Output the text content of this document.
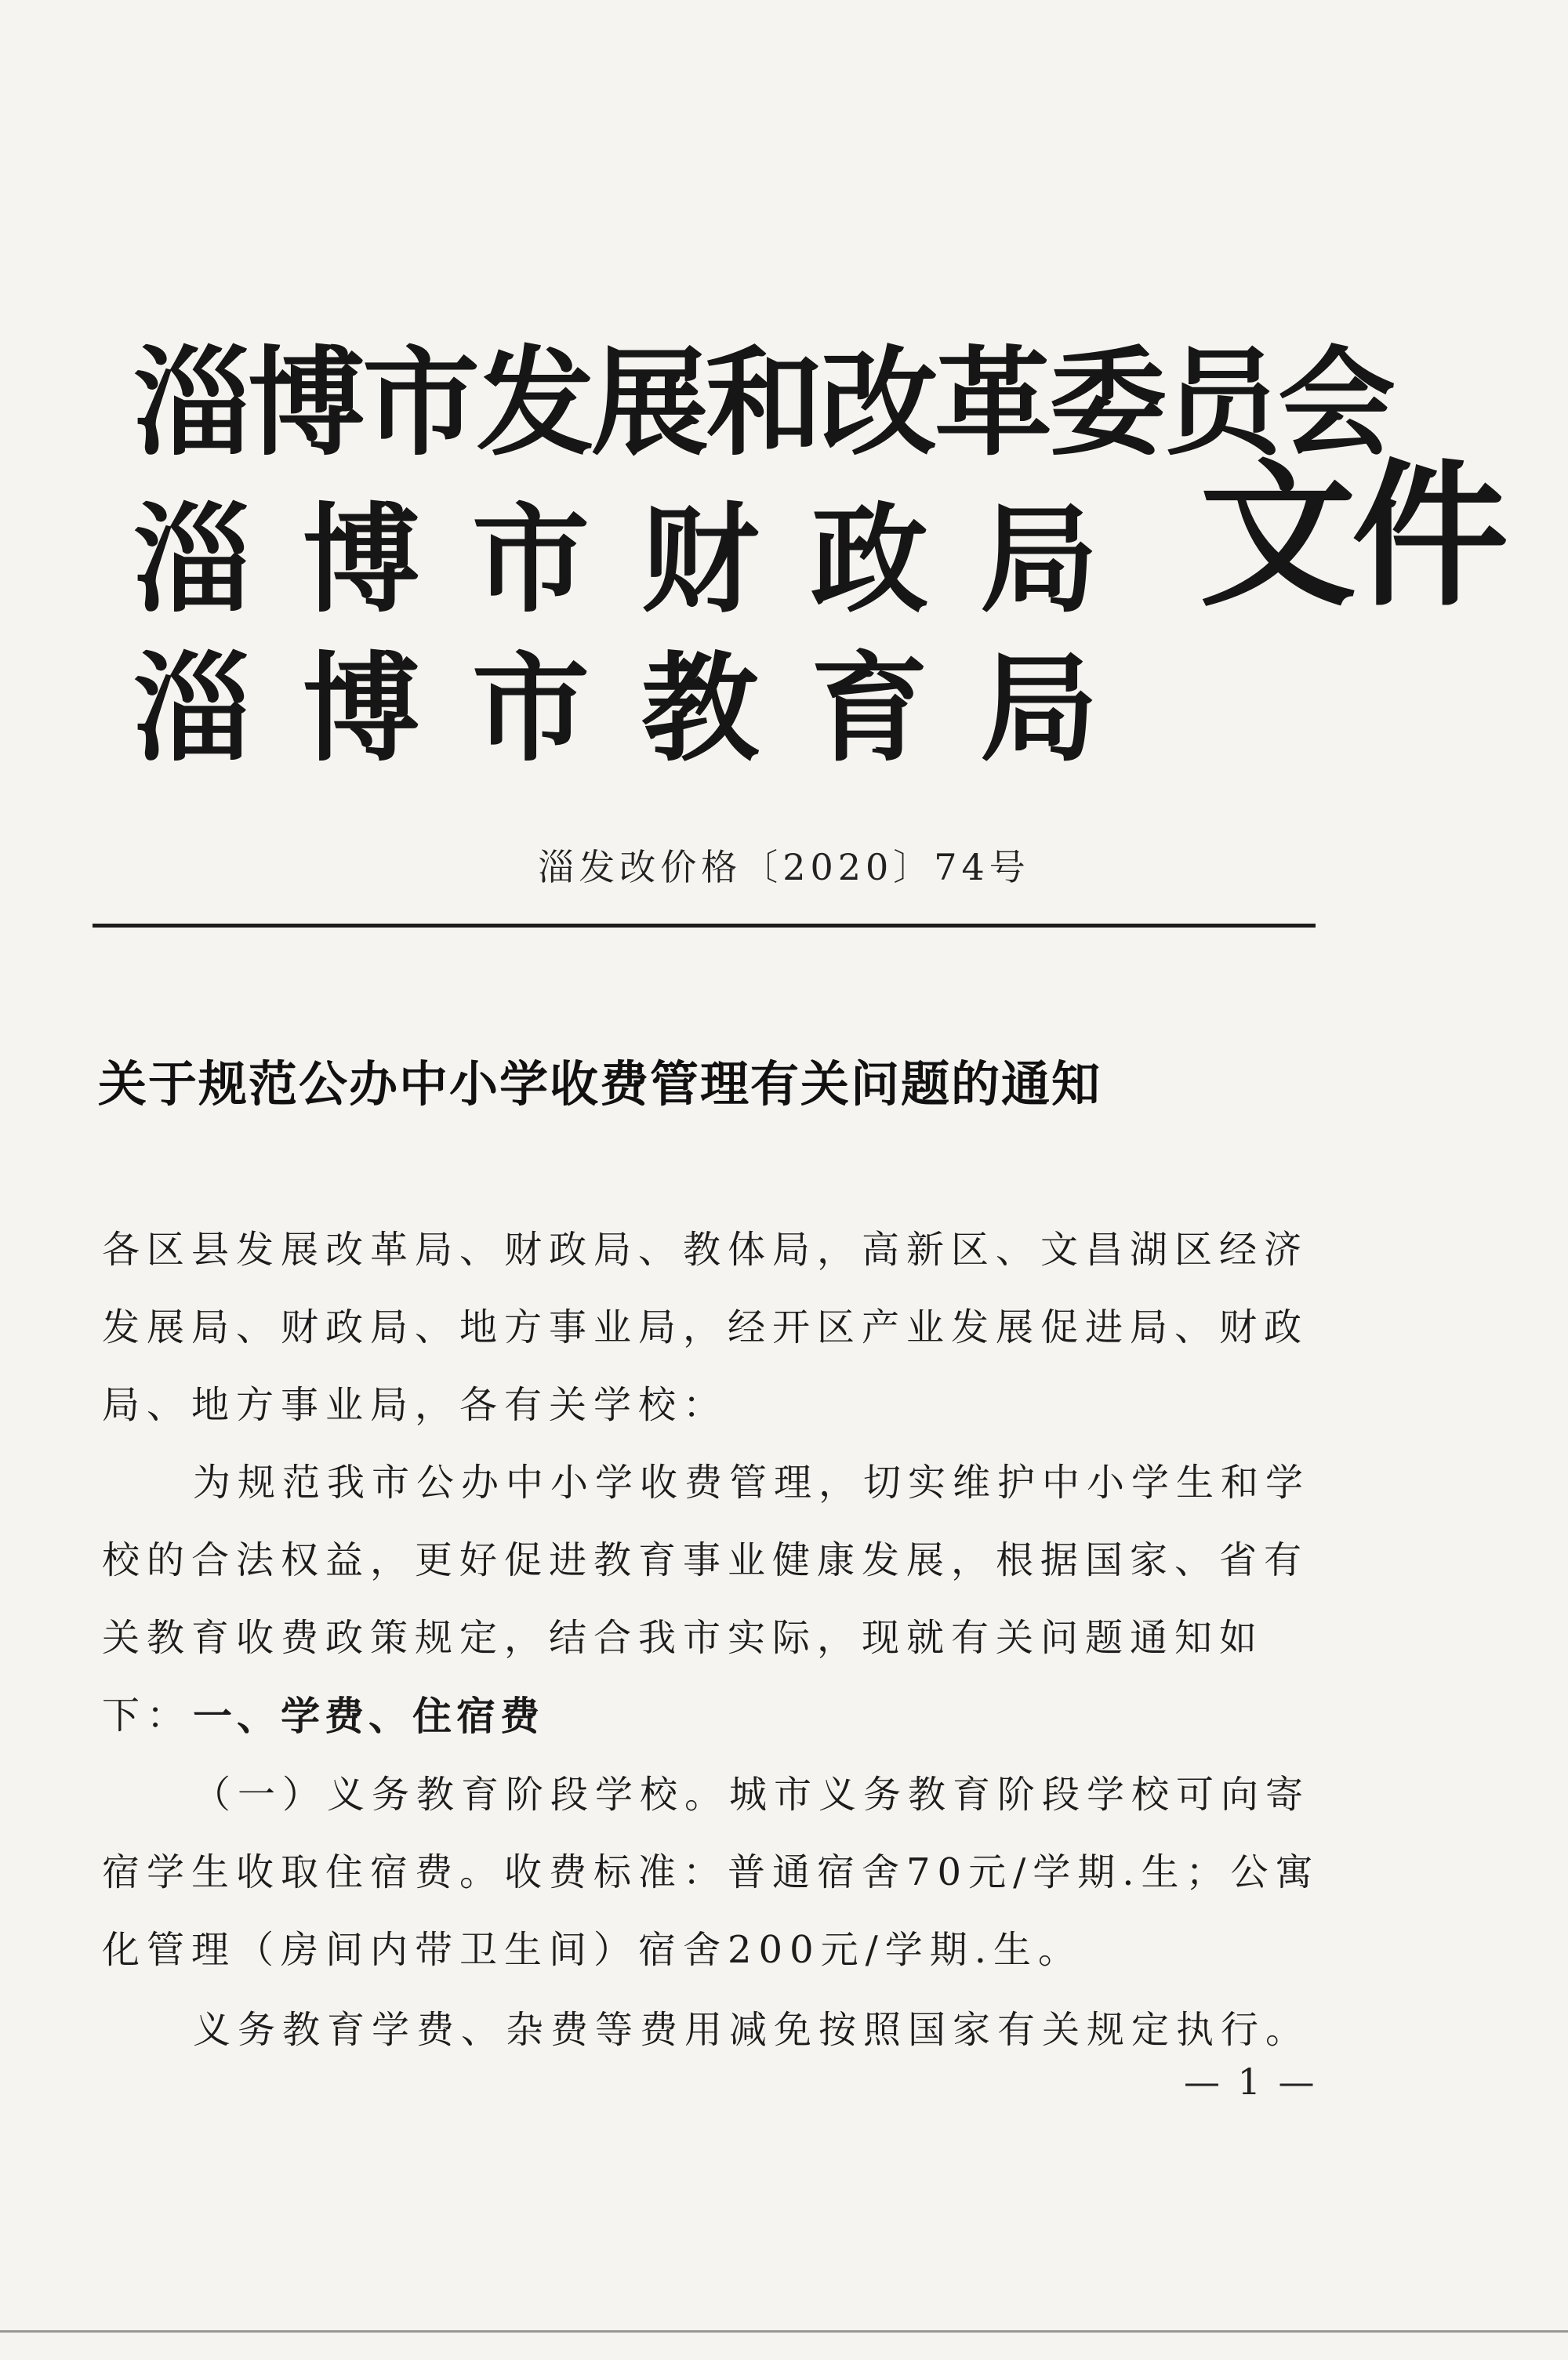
淄博市发展和改革委员会
淄博市财政局
淄博市教育局
文件
淄发改价格〔2020〕74号
关于规范公办中小学收费管理有关问题的通知
各区县发展改革局、财政局、教体局，高新区、文昌湖区经济发展局、财政局、地方事业局，经开区产业发展促进局、财政局、地方事业局，各有关学校：

为规范我市公办中小学收费管理，切实维护中小学生和学校的合法权益，更好促进教育事业健康发展，根据国家、省有关教育收费政策规定，结合我市实际，现就有关问题通知如下： 一、学费、住宿费

（一）义务教育阶段学校。城市义务教育阶段学校可向寄宿学生收取住宿费。收费标准：普通宿舍70元/学期.生；公寓化管理（房间内带卫生间）宿舍200元/学期.生。

义务教育学费、杂费等费用减免按照国家有关规定执行。

— 1 —
